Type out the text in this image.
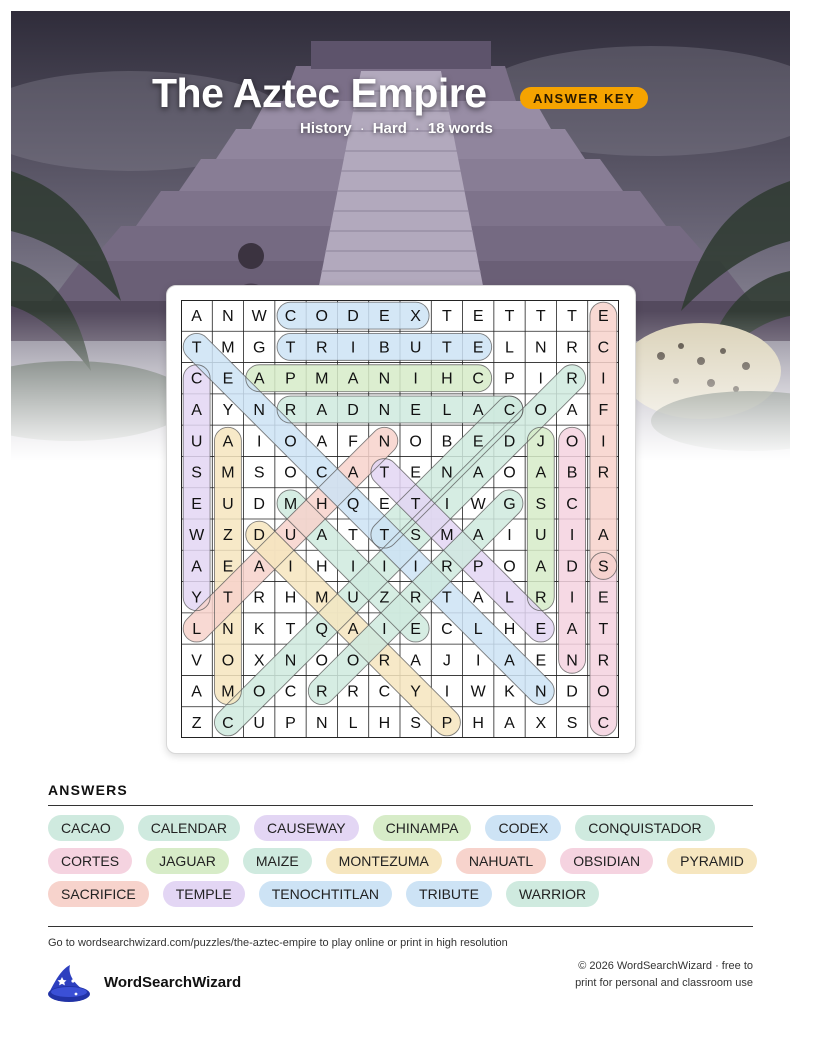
The Aztec Empire	ANSWER KEY
History · Hard · 18 words
A N W C O D E X T E T T T E
T M G T R I B U T E L N R C
C E A P M A N I H C P I R I
A Y N R A D N E L A C O A F
U A I O A F N O B E D J O I
S M S O C A T E N A O A B R
E U D M H Q E T I W G S C
W Z D U A T T S M A I U I A
A E A I H I I I R P O A D S
Y T R H M U Z R T A L R I E
L N K T Q A I E C L H E A T
V O X N O O R A J I A E N R
A M O C R R C Y I W K N D O
Z C U P N L H S P H A X S C
ANSWERS
CACAO	CALENDAR	CAUSEWAY	CHINAMPA	CODEX	CONQUISTADOR
CORTES	JAGUAR	MAIZE	MONTEZUMA	NAHUATL	OBSIDIAN	PYRAMID
SACRIFICE	TEMPLE	TENOCHTITLAN	TRIBUTE	WARRIOR
Go to wordsearchwizard.com/puzzles/the-aztec-empire to play online or print in high resolution
WordSearchWizard
© 2026 WordSearchWizard · free to print for personal and classroom use
